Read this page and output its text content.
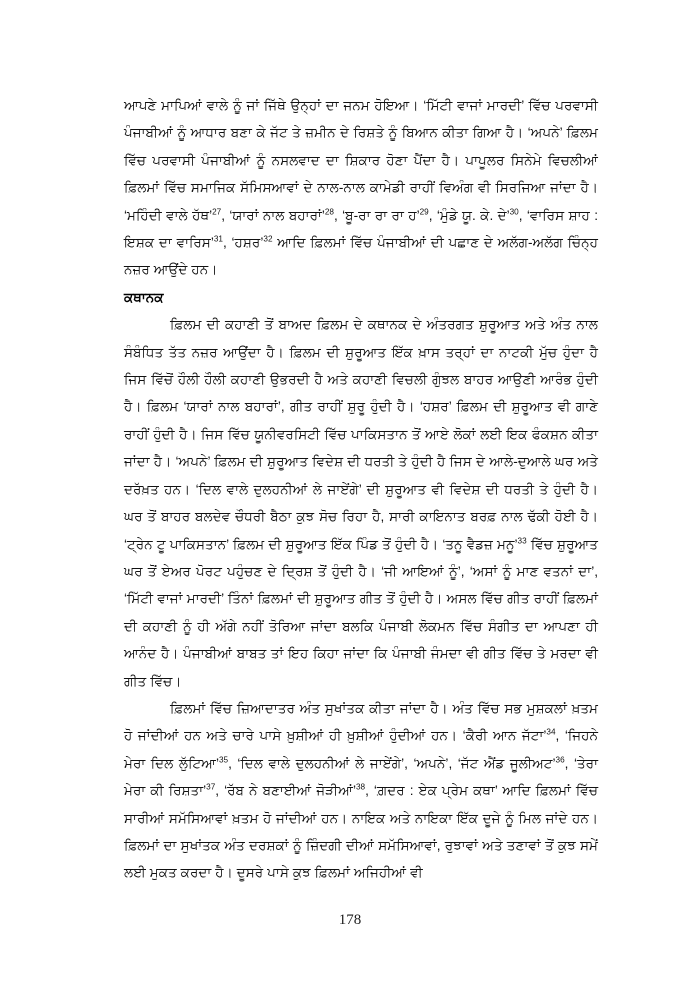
ਆਪਣੇ ਮਾਪਿਆਂ ਵਾਲੇ ਨੂੰ ਜਾਂ ਜਿੱਥੇ ਉਨ੍ਹਾਂ ਦਾ ਜਨਮ ਹੋਇਆ। ‘ਮਿੱਟੀ ਵਾਜਾਂ ਮਾਰਦੀ’ ਵਿੱਚ ਪਰਵਾਸੀ ਪੰਜਾਬੀਆਂ ਨੂੰ ਆਧਾਰ ਬਣਾ ਕੇ ਜੱਟ ਤੇ ਜ਼ਮੀਨ ਦੇ ਰਿਸ਼ਤੇ ਨੂੰ ਬਿਆਨ ਕੀਤਾ ਗਿਆ ਹੈ। ‘ਅਪਨੇ’ ਫ਼ਿਲਮ ਵਿੱਚ ਪਰਵਾਸੀ ਪੰਜਾਬੀਆਂ ਨੂੰ ਨਸਲਵਾਦ ਦਾ ਸ਼ਿਕਾਰ ਹੋਣਾ ਪੈਂਦਾ ਹੈ। ਪਾਪੂਲਰ ਸਿਨੇਮੇ ਵਿਚਲੀਆਂ ਫ਼ਿਲਮਾਂ ਵਿੱਚ ਸਮਾਜਿਕ ਸੱਮਿਸਆਵਾਂ ਦੇ ਨਾਲ-ਨਾਲ ਕਾਮੇਡੀ ਰਾਹੀਂ ਵਿਅੰਗ ਵੀ ਸਿਰਜਿਆ ਜਾਂਦਾ ਹੈ। ‘ਮਹਿੰਦੀ ਵਾਲੇ ਹੱਥ’$^{27}$, ‘ਯਾਰਾਂ ਨਾਲ ਬਹਾਰਾਂ’$^{28}$, ‘ਬੂ-ਰਾ ਰਾ ਰਾ ਹ’$^{29}$, ‘ਮੁੰਡੇ ਯੂ. ਕੇ. ਦੇ’$^{30}$, ‘ਵਾਰਿਸ ਸ਼ਾਹ : ਇਸ਼ਕ ਦਾ ਵਾਰਿਸ’$^{31}$, ‘ਹਸ਼ਰ’$^{32}$ ਆਦਿ ਫ਼ਿਲਮਾਂ ਵਿੱਚ ਪੰਜਾਬੀਆਂ ਦੀ ਪਛਾਣ ਦੇ ਅਲੱਗ-ਅਲੱਗ ਚਿੰਨ੍ਹ ਨਜ਼ਰ ਆਉਂਦੇ ਹਨ।

ਕਥਾਨਕ

ਫ਼ਿਲਮ ਦੀ ਕਹਾਣੀ ਤੋਂ ਬਾਅਦ ਫ਼ਿਲਮ ਦੇ ਕਥਾਨਕ ਦੇ ਅੰਤਰਗਤ ਸ਼ੁਰੂਆਤ ਅਤੇ ਅੰਤ ਨਾਲ ਸੰਬੰਧਿਤ ਤੱਤ ਨਜ਼ਰ ਆਉਂਦਾ ਹੈ। ਫ਼ਿਲਮ ਦੀ ਸ਼ੁਰੂਆਤ ਇੱਕ ਖ਼ਾਸ ਤਰ੍ਹਾਂ ਦਾ ਨਾਟਕੀ ਮੁੱਚ ਹੁੰਦਾ ਹੈ ਜਿਸ ਵਿੱਚੋਂ ਹੌਲੀ ਹੌਲੀ ਕਹਾਣੀ ਉਭਰਦੀ ਹੈ ਅਤੇ ਕਹਾਣੀ ਵਿਚਲੀ ਗੁੰਝਲ ਬਾਹਰ ਆਉਣੀ ਆਰੰਭ ਹੁੰਦੀ ਹੈ। ਫ਼ਿਲਮ ‘ਯਾਰਾਂ ਨਾਲ ਬਹਾਰਾਂ’, ਗੀਤ ਰਾਹੀਂ ਸ਼ੁਰੂ ਹੁੰਦੀ ਹੈ। ‘ਹਸ਼ਰ’ ਫ਼ਿਲਮ ਦੀ ਸ਼ੁਰੂਆਤ ਵੀ ਗਾਣੇ ਰਾਹੀਂ ਹੁੰਦੀ ਹੈ। ਜਿਸ ਵਿੱਚ ਯੂਨੀਵਰਸਿਟੀ ਵਿੱਚ ਪਾਕਿਸਤਾਨ ਤੋਂ ਆਏ ਲੋਕਾਂ ਲਈ ਇਕ ਫੰਕਸ਼ਨ ਕੀਤਾ ਜਾਂਦਾ ਹੈ। ‘ਅਪਨੇ’ ਫ਼ਿਲਮ ਦੀ ਸ਼ੁਰੂਆਤ ਵਿਦੇਸ਼ ਦੀ ਧਰਤੀ ਤੇ ਹੁੰਦੀ ਹੈ ਜਿਸ ਦੇ ਆਲੇ-ਦੁਆਲੇ ਘਰ ਅਤੇ ਦਰੱਖ਼ਤ ਹਨ। ‘ਦਿਲ ਵਾਲੇ ਦੁਲਹਨੀਆਂ ਲੇ ਜਾਏਂਗੇ’ ਦੀ ਸ਼ੁਰੂਆਤ ਵੀ ਵਿਦੇਸ਼ ਦੀ ਧਰਤੀ ਤੇ ਹੁੰਦੀ ਹੈ। ਘਰ ਤੋਂ ਬਾਹਰ ਬਲਦੇਵ ਚੌਧਰੀ ਬੈਠਾ ਕੁਝ ਸੋਚ ਰਿਹਾ ਹੈ, ਸਾਰੀ ਕਾਇਨਾਤ ਬਰਫ਼ ਨਾਲ ਢੱਕੀ ਹੋਈ ਹੈ। ‘ਟ੍ਰੇਨ ਟੂ ਪਾਕਿਸਤਾਨ’ ਫ਼ਿਲਮ ਦੀ ਸ਼ੁਰੂਆਤ ਇੱਕ ਪਿੰਡ ਤੋਂ ਹੁੰਦੀ ਹੈ। ‘ਤਨੂ ਵੈਡਜ਼ ਮਨੂ’$^{33}$ ਵਿੱਚ ਸ਼ੁਰੂਆਤ ਘਰ ਤੋਂ ਏਅਰ ਪੋਰਟ ਪਹੁੰਚਣ ਦੇ ਦ੍ਰਿਸ਼ ਤੋਂ ਹੁੰਦੀ ਹੈ। ‘ਜੀ ਆਇਆਂ ਨੂੰ’, ‘ਅਸਾਂ ਨੂੰ ਮਾਣ ਵਤਨਾਂ ਦਾ’, ‘ਮਿੱਟੀ ਵਾਜਾਂ ਮਾਰਦੀ’ ਤਿੰਨਾਂ ਫ਼ਿਲਮਾਂ ਦੀ ਸ਼ੁਰੂਆਤ ਗੀਤ ਤੋਂ ਹੁੰਦੀ ਹੈ। ਅਸਲ ਵਿੱਚ ਗੀਤ ਰਾਹੀਂ ਫ਼ਿਲਮਾਂ ਦੀ ਕਹਾਣੀ ਨੂੰ ਹੀ ਅੱਗੇ ਨਹੀਂ ਤੋਰਿਆ ਜਾਂਦਾ ਬਲਕਿ ਪੰਜਾਬੀ ਲੋਕਮਨ ਵਿੱਚ ਸੰਗੀਤ ਦਾ ਆਪਣਾ ਹੀ ਆਨੰਦ ਹੈ। ਪੰਜਾਬੀਆਂ ਬਾਬਤ ਤਾਂ ਇਹ ਕਿਹਾ ਜਾਂਦਾ ਕਿ ਪੰਜਾਬੀ ਜੰਮਦਾ ਵੀ ਗੀਤ ਵਿੱਚ ਤੇ ਮਰਦਾ ਵੀ ਗੀਤ ਵਿੱਚ।

ਫ਼ਿਲਮਾਂ ਵਿੱਚ ਜ਼ਿਆਦਾਤਰ ਅੰਤ ਸੁਖਾਂਤਕ ਕੀਤਾ ਜਾਂਦਾ ਹੈ। ਅੰਤ ਵਿੱਚ ਸਭ ਮੁਸ਼ਕਲਾਂ ਖ਼ਤਮ ਹੋ ਜਾਂਦੀਆਂ ਹਨ ਅਤੇ ਚਾਰੇ ਪਾਸੇ ਖ਼ੁਸ਼ੀਆਂ ਹੀ ਖ਼ੁਸ਼ੀਆਂ ਹੁੰਦੀਆਂ ਹਨ। ‘ਕੈਰੀ ਆਨ ਜੱਟਾ’$^{34}$, ‘ਜਿਹਨੇ ਮੇਰਾ ਦਿਲ ਲੁੱਟਿਆ’$^{35}$, ‘ਦਿਲ ਵਾਲੇ ਦੁਲਹਨੀਆਂ ਲੇ ਜਾਏਂਗੇ’, ‘ਅਪਨੇ’, ‘ਜੱਟ ਐਂਡ ਜੂਲੀਅਟ’$^{36}$, ‘ਤੇਰਾ ਮੇਰਾ ਕੀ ਰਿਸ਼ਤਾ’$^{37}$, ‘ਰੱਬ ਨੇ ਬਣਾਈਆਂ ਜੋੜੀਆਂ’$^{38}$, ‘ਗ਼ਦਰ : ਏਕ ਪ੍ਰੇਮ ਕਥਾ’ ਆਦਿ ਫ਼ਿਲਮਾਂ ਵਿੱਚ ਸਾਰੀਆਂ ਸਮੱਸਿਆਵਾਂ ਖ਼ਤਮ ਹੋ ਜਾਂਦੀਆਂ ਹਨ। ਨਾਇਕ ਅਤੇ ਨਾਇਕਾ ਇੱਕ ਦੂਜੇ ਨੂੰ ਮਿਲ ਜਾਂਦੇ ਹਨ। ਫ਼ਿਲਮਾਂ ਦਾ ਸੁਖਾਂਤਕ ਅੰਤ ਦਰਸ਼ਕਾਂ ਨੂੰ ਜ਼ਿੰਦਗੀ ਦੀਆਂ ਸਮੱਸਿਆਵਾਂ, ਰੁਝਾਵਾਂ ਅਤੇ ਤਣਾਵਾਂ ਤੋਂ ਕੁਝ ਸਮੇਂ ਲਈ ਮੁਕਤ ਕਰਦਾ ਹੈ। ਦੂਸਰੇ ਪਾਸੇ ਕੁਝ ਫ਼ਿਲਮਾਂ ਅਜਿਹੀਆਂ ਵੀ

178
